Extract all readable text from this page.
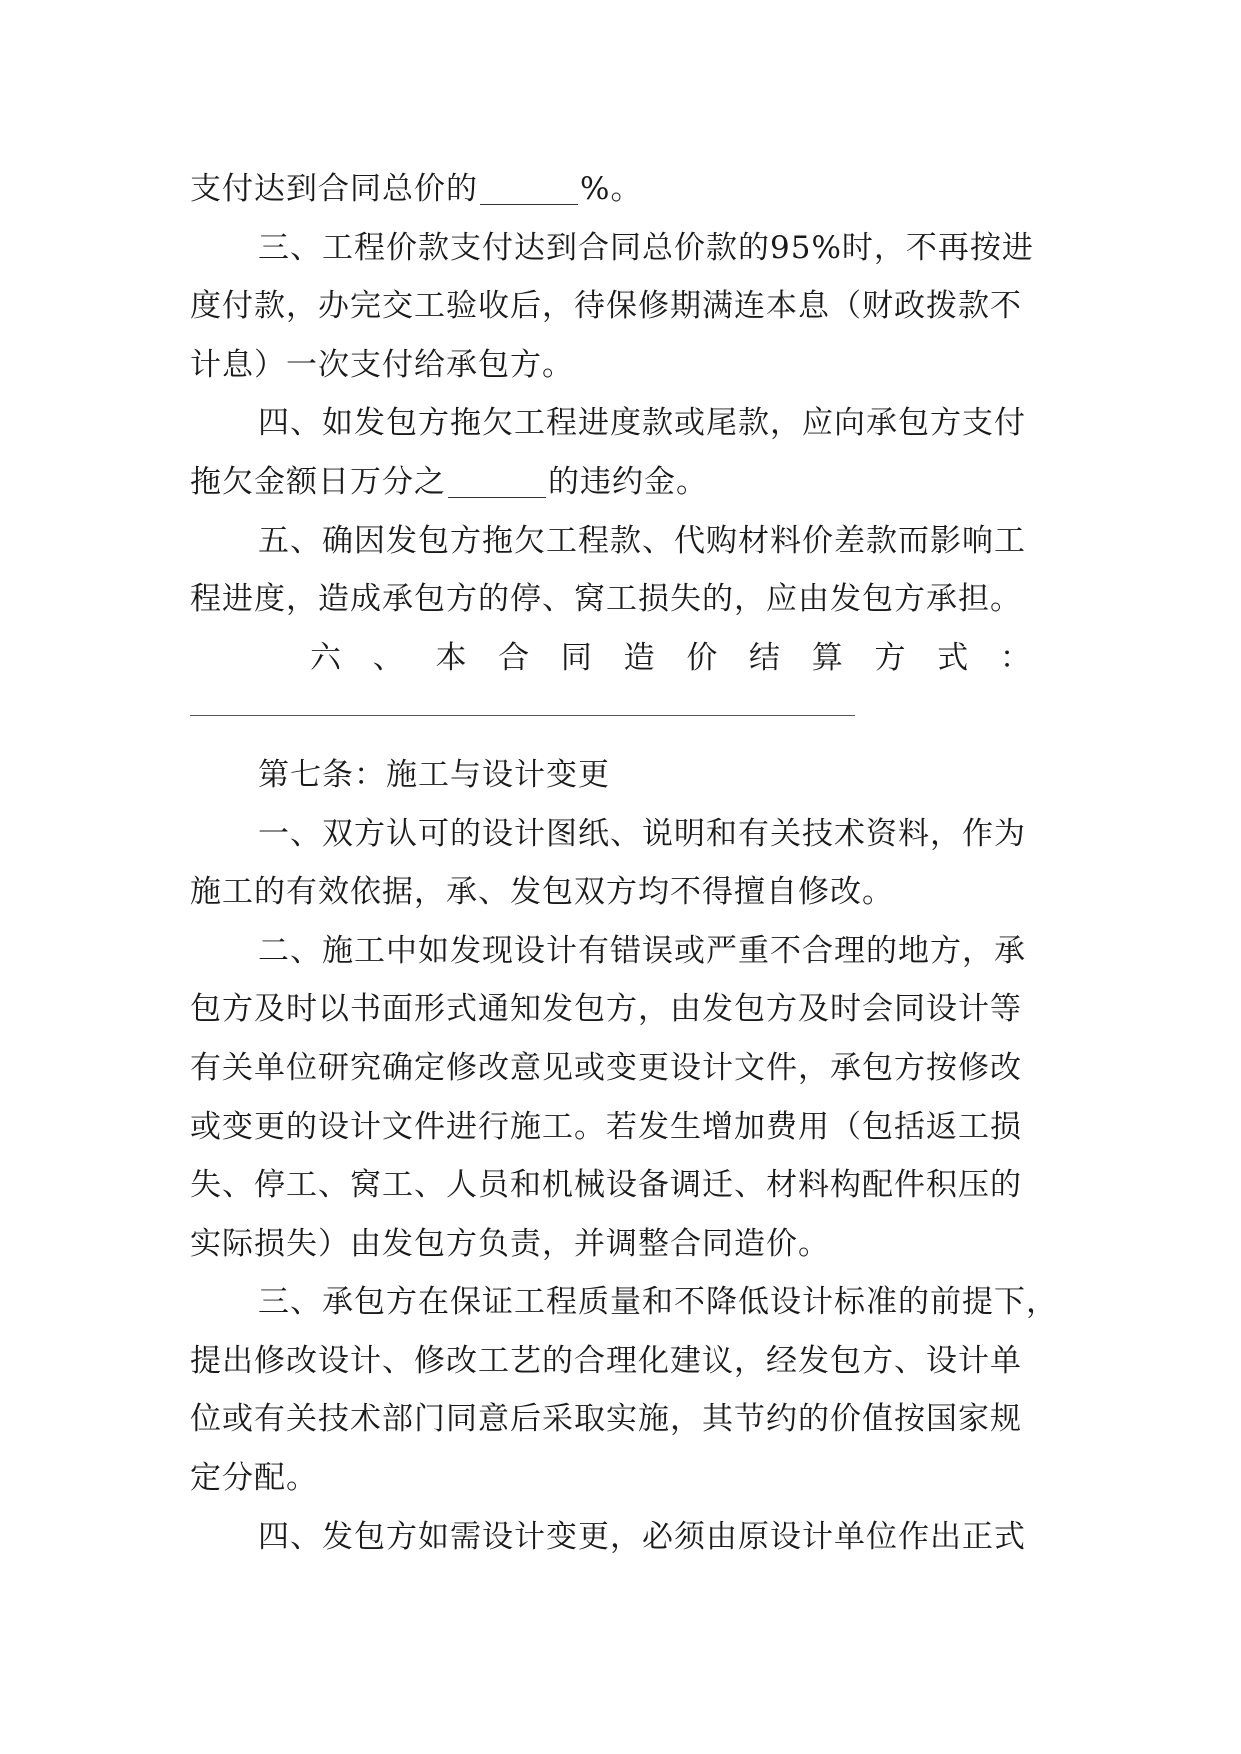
支付达到合同总价的	%。
三、工程价款支付达到合同总价款的95%时，不再按进
度付款，办完交工验收后，待保修期满连本息（财政拨款不
计息）一次支付给承包方。
四、如发包方拖欠工程进度款或尾款，应向承包方支付
拖欠金额日万分之	的违约金。
五、确因发包方拖欠工程款、代购材料价差款而影响工
程进度，造成承包方的停、窝工损失的，应由发包方承担。
六 、 本 合 同 造 价 结 算 方 式 ：
第七条：施工与设计变更
一、双方认可的设计图纸、说明和有关技术资料，作为
施工的有效依据，承、发包双方均不得擅自修改。
二、施工中如发现设计有错误或严重不合理的地方，承
包方及时以书面形式通知发包方，由发包方及时会同设计等
有关单位研究确定修改意见或变更设计文件，承包方按修改
或变更的设计文件进行施工。若发生增加费用（包括返工损
失、停工、窝工、人员和机械设备调迁、材料构配件积压的
实际损失）由发包方负责，并调整合同造价。
三、承包方在保证工程质量和不降低设计标准的前提下，
提出修改设计、修改工艺的合理化建议，经发包方、设计单
位或有关技术部门同意后采取实施，其节约的价值按国家规
定分配。
四、发包方如需设计变更，必须由原设计单位作出正式
